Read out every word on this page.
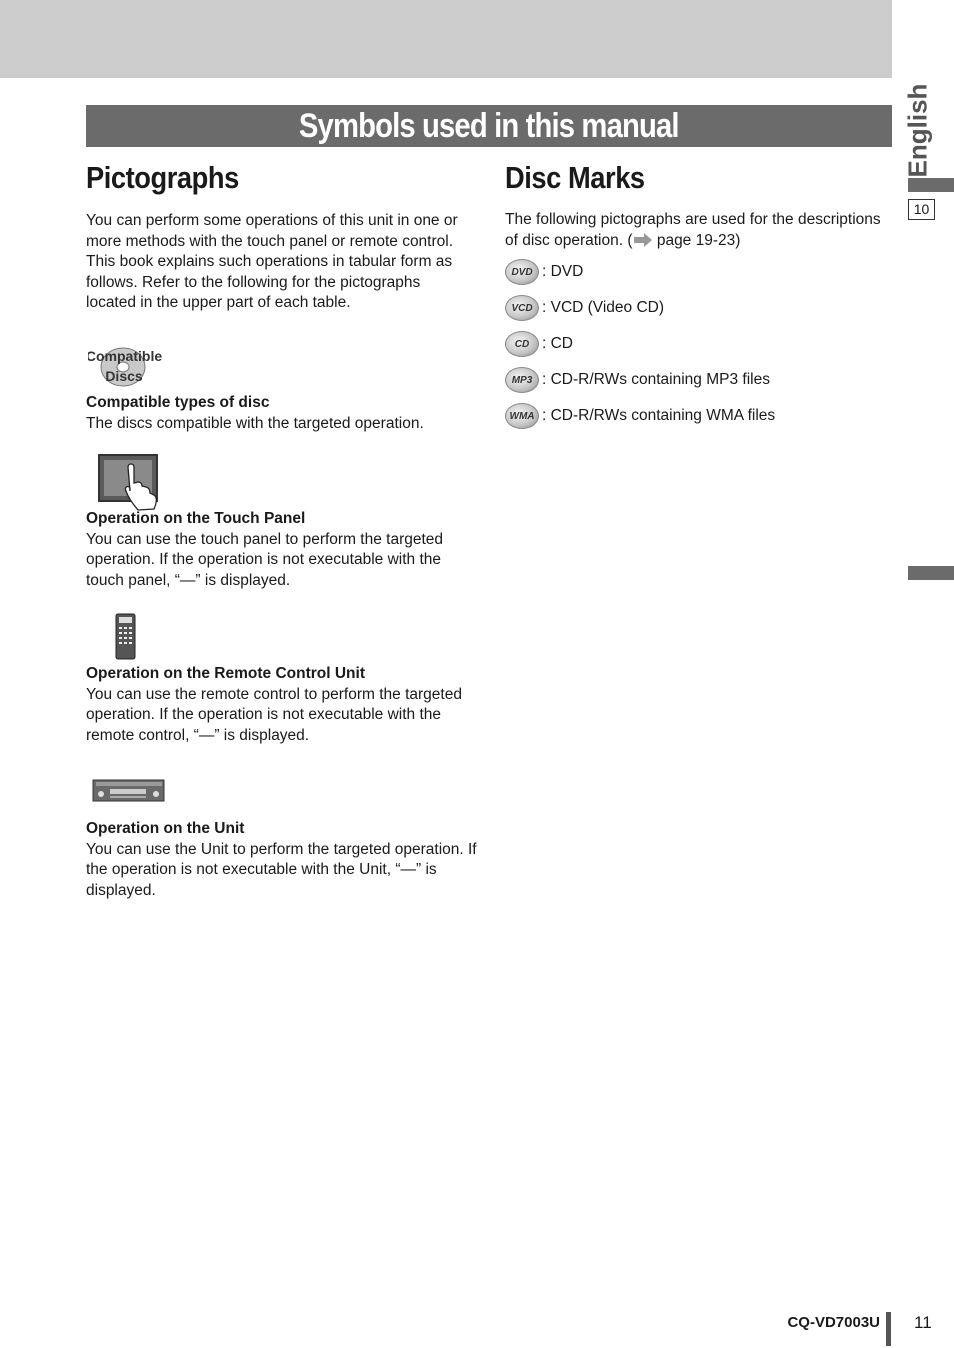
Symbols used in this manual	English
10
Pictographs

You can perform some operations of this unit in one or more methods with the touch panel or remote control. This book explains such operations in tabular form as follows. Refer to the following for the pictographs located in the upper part of each table.

Compatible
Discs
Compatible types of disc
The discs compatible with the targeted operation.
Operation on the Touch Panel
You can use the touch panel to perform the targeted operation. If the operation is not executable with the touch panel, “—” is displayed.
Operation on the Remote Control Unit
You can use the remote control to perform the targeted operation. If the operation is not executable with the remote control, “—” is displayed.
Operation on the Unit
You can use the Unit to perform the targeted operation. If the operation is not executable with the Unit, “—” is displayed.
Disc Marks

The following pictographs are used for the descriptions of disc operation. ( page 19-23)

DVD : DVD
VCD : VCD (Video CD)
CD : CD
MP3 : CD-R/RWs containing MP3 files
WMA : CD-R/RWs containing WMA files
CQ-VD7003U 11
